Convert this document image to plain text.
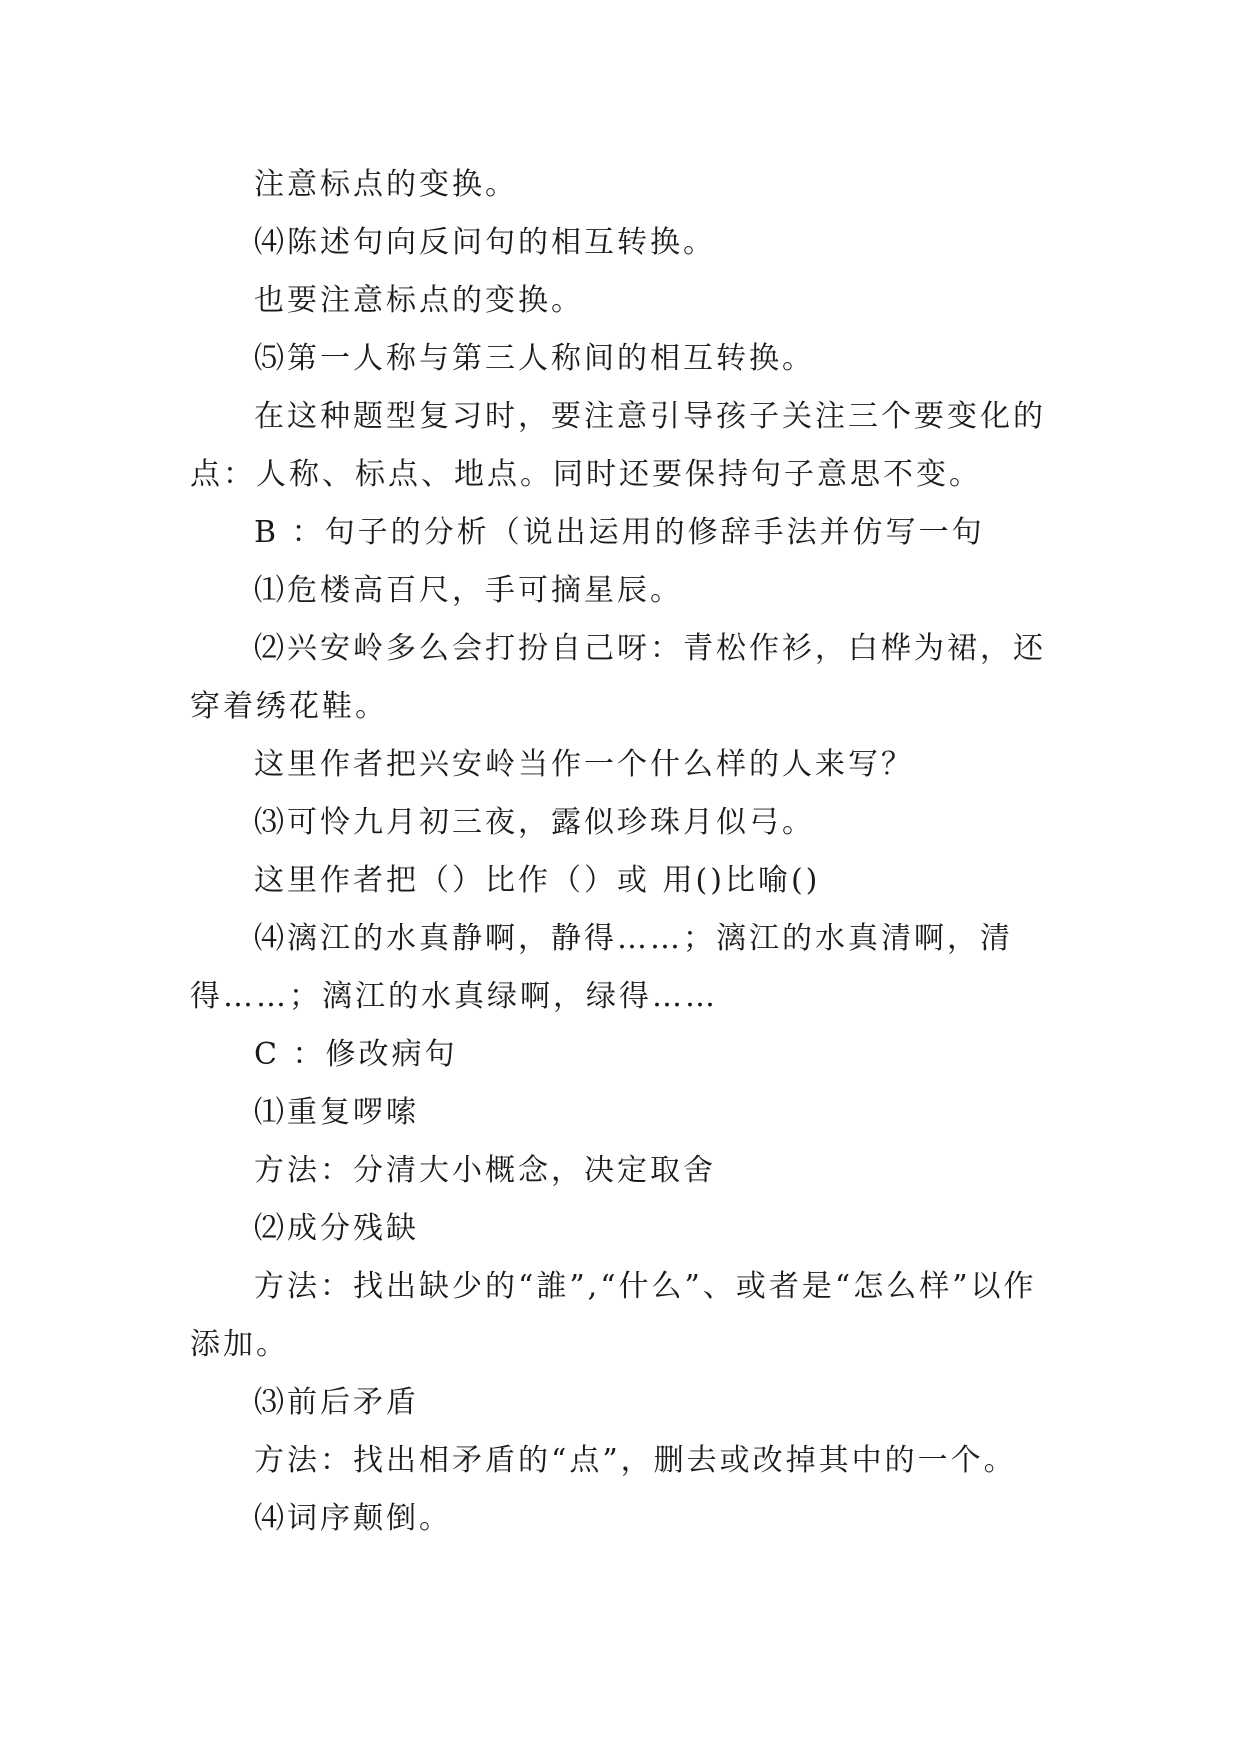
注意标点的变换。

⑷陈述句向反问句的相互转换。

也要注意标点的变换。

⑸第一人称与第三人称间的相互转换。

在这种题型复习时，要注意引导孩子关注三个要变化的点：人称、标点、地点。同时还要保持句子意思不变。

B ：句子的分析（说出运用的修辞手法并仿写一句

⑴危楼高百尺，手可摘星辰。

⑵兴安岭多么会打扮自己呀：青松作衫，白桦为裙，还穿着绣花鞋。

这里作者把兴安岭当作一个什么样的人来写？

⑶可怜九月初三夜，露似珍珠月似弓。

这里作者把（）比作（）或 用()比喻()

⑷漓江的水真静啊，静得……；漓江的水真清啊，清得……；漓江的水真绿啊，绿得……

C ：修改病句

⑴重复啰嗦

方法：分清大小概念，决定取舍

⑵成分残缺

方法：找出缺少的“誰”,“什么”、或者是“怎么样”以作添加。

⑶前后矛盾

方法：找出相矛盾的“点”，删去或改掉其中的一个。

⑷词序颠倒。
